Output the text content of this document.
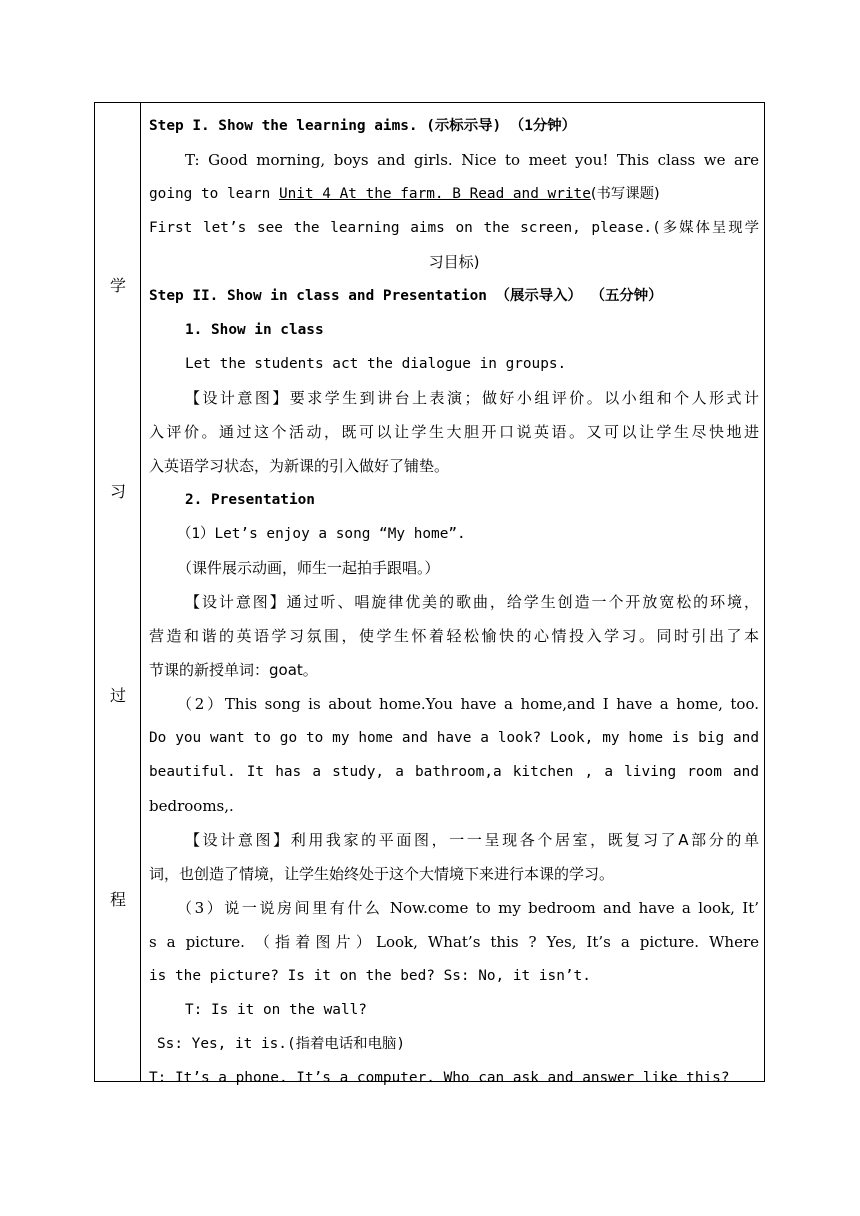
学
习
过
程
Step I. Show the learning aims. (示标示导) （1分钟）
T: Good morning, boys and girls. Nice to meet you! This class we are
going to learn Unit 4 At the farm. B Read and write(书写课题)
First let’s see the learning aims on the screen, please.(多媒体呈现学
习目标)
Step II. Show in class and Presentation （展示导入） （五分钟）
1. Show in class
Let the students act the dialogue in groups.
【设计意图】要求学生到讲台上表演；做好小组评价。以小组和个人形式计
入评价。通过这个活动，既可以让学生大胆开口说英语。又可以让学生尽快地进
入英语学习状态，为新课的引入做好了铺垫。
2. Presentation
（1）Let’s enjoy a song “My home”.
（课件展示动画，师生一起拍手跟唱。）
【设计意图】通过听、唱旋律优美的歌曲，给学生创造一个开放宽松的环境，
营造和谐的英语学习氛围，使学生怀着轻松愉快的心情投入学习。同时引出了本
节课的新授单词：goat。
（2）This song is about home.You have a home,and I have a home, too.
Do you want to go to my home and have a look? Look, my home is big and
beautiful. It has a study, a bathroom,a kitchen , a living room and
bedrooms,.
【设计意图】利用我家的平面图，一一呈现各个居室，既复习了A部分的单
词，也创造了情境，让学生始终处于这个大情境下来进行本课的学习。
（3）说一说房间里有什么 Now.come to my bedroom and have a look, It’
s a picture. （指着图片）Look, What’s this ? Yes, It’s a picture. Where
is the picture? Is it on the bed? Ss: No, it isn’t.
T: Is it on the wall?
Ss: Yes, it is.(指着电话和电脑)
T: It’s a phone. It’s a computer. Who can ask and answer like this?
